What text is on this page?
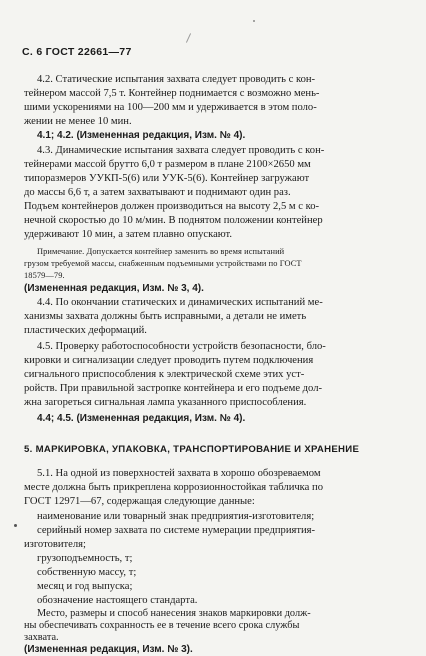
С. 6 ГОСТ 22661—77
4.2. Статические испытания захвата следует проводить с кон-
тейнером массой 7,5 т. Контейнер поднимается с возможно мень-
шими ускорениями на 100—200 мм и удерживается в этом поло-
жении не менее 10 мин.
4.1; 4.2. (Измененная редакция, Изм. № 4).
4.3. Динамические испытания захвата следует проводить с кон-
тейнерами массой брутто 6,0 т размером в плане 2100×2650 мм
типоразмеров УУКП-5(6) или УУК-5(6). Контейнер загружают
до массы 6,6 т, а затем захватывают и поднимают один раз.
Подъем контейнеров должен производиться на высоту 2,5 м с ко-
нечной скоростью до 10 м/мин. В поднятом положении контейнер
удерживают 10 мин, а затем плавно опускают.
Примечание. Допускается контейнер заменить во время испытаний
грузом требуемой массы, снабженным подъемными устройствами по ГОСТ
18579—79.
(Измененная редакция, Изм. № 3, 4).
4.4. По окончании статических и динамических испытаний ме-
ханизмы захвата должны быть исправными, а детали не иметь
пластических деформаций.
4.5. Проверку работоспособности устройств безопасности, бло-
кировки и сигнализации следует проводить путем подключения
сигнального приспособления к электрической схеме этих уст-
ройств. При правильной застропке контейнера и его подъеме дол-
жна загореться сигнальная лампа указанного приспособления.
4.4; 4.5. (Измененная редакция, Изм. № 4).
5. МАРКИРОВКА, УПАКОВКА, ТРАНСПОРТИРОВАНИЕ И ХРАНЕНИЕ
5.1. На одной из поверхностей захвата в хорошо обозреваемом
месте должна быть прикреплена коррозионностойкая табличка по
ГОСТ 12971—67, содержащая следующие данные:
наименование или товарный знак предприятия-изготовителя;
серийный номер захвата по системе нумерации предприятия-
изготовителя;
грузоподъемность, т;
собственную массу, т;
месяц и год выпуска;
обозначение настоящего стандарта.
Место, размеры и способ нанесения знаков маркировки долж-
ны обеспечивать сохранность ее в течение всего срока службы
захвата.
(Измененная редакция, Изм. № 3).
